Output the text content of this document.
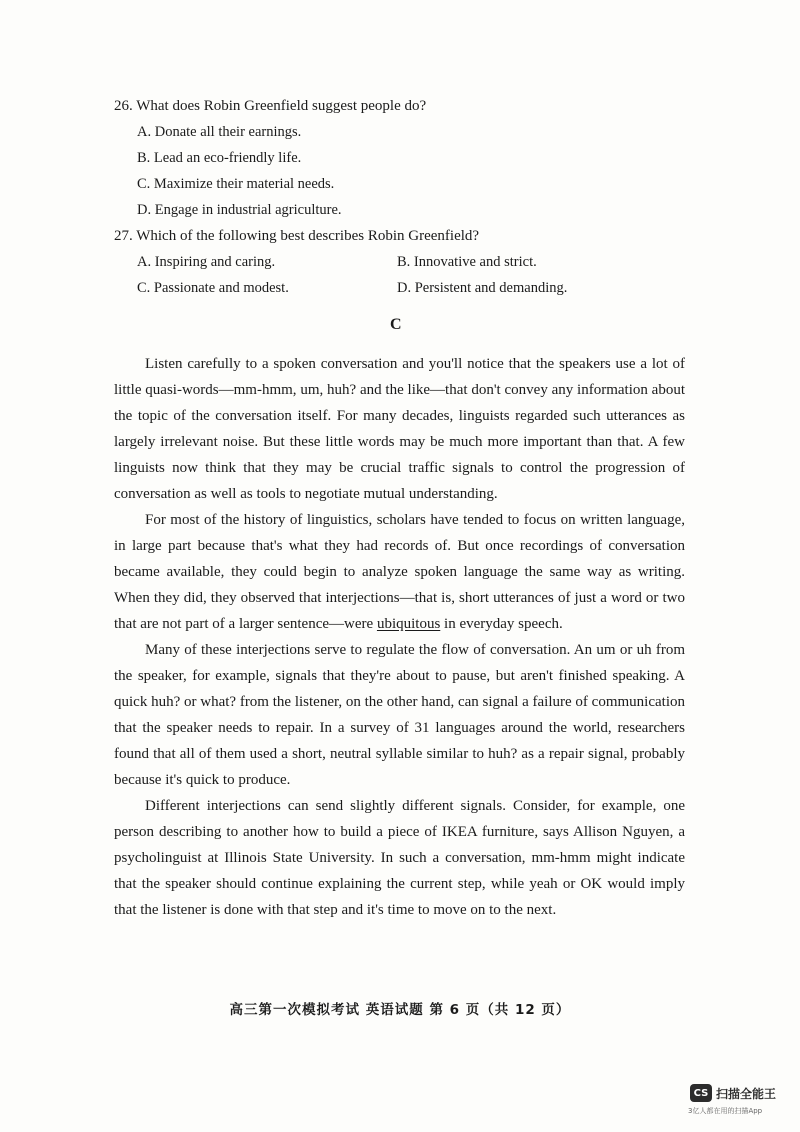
26. What does Robin Greenfield suggest people do?
A. Donate all their earnings.
B. Lead an eco-friendly life.
C. Maximize their material needs.
D. Engage in industrial agriculture.
27. Which of the following best describes Robin Greenfield?
A. Inspiring and caring.	B. Innovative and strict.
C. Passionate and modest.	D. Persistent and demanding.
C

Listen carefully to a spoken conversation and you'll notice that the speakers use a lot of little quasi-words—mm-hmm, um, huh? and the like—that don't convey any information about the topic of the conversation itself. For many decades, linguists regarded such utterances as largely irrelevant noise. But these little words may be much more important than that. A few linguists now think that they may be crucial traffic signals to control the progression of conversation as well as tools to negotiate mutual understanding.

For most of the history of linguistics, scholars have tended to focus on written language, in large part because that's what they had records of. But once recordings of conversation became available, they could begin to analyze spoken language the same way as writing. When they did, they observed that interjections—that is, short utterances of just a word or two that are not part of a larger sentence—were ubiquitous in everyday speech.

Many of these interjections serve to regulate the flow of conversation. An um or uh from the speaker, for example, signals that they're about to pause, but aren't finished speaking. A quick huh? or what? from the listener, on the other hand, can signal a failure of communication that the speaker needs to repair. In a survey of 31 languages around the world, researchers found that all of them used a short, neutral syllable similar to huh? as a repair signal, probably because it's quick to produce.

Different interjections can send slightly different signals. Consider, for example, one person describing to another how to build a piece of IKEA furniture, says Allison Nguyen, a psycholinguist at Illinois State University. In such a conversation, mm-hmm might indicate that the speaker should continue explaining the current step, while yeah or OK would imply that the listener is done with that step and it's time to move on to the next.

高三第一次模拟考试 英语试题 第 6 页（共 12 页）
CS 扫描全能王
3亿人都在用的扫描App
